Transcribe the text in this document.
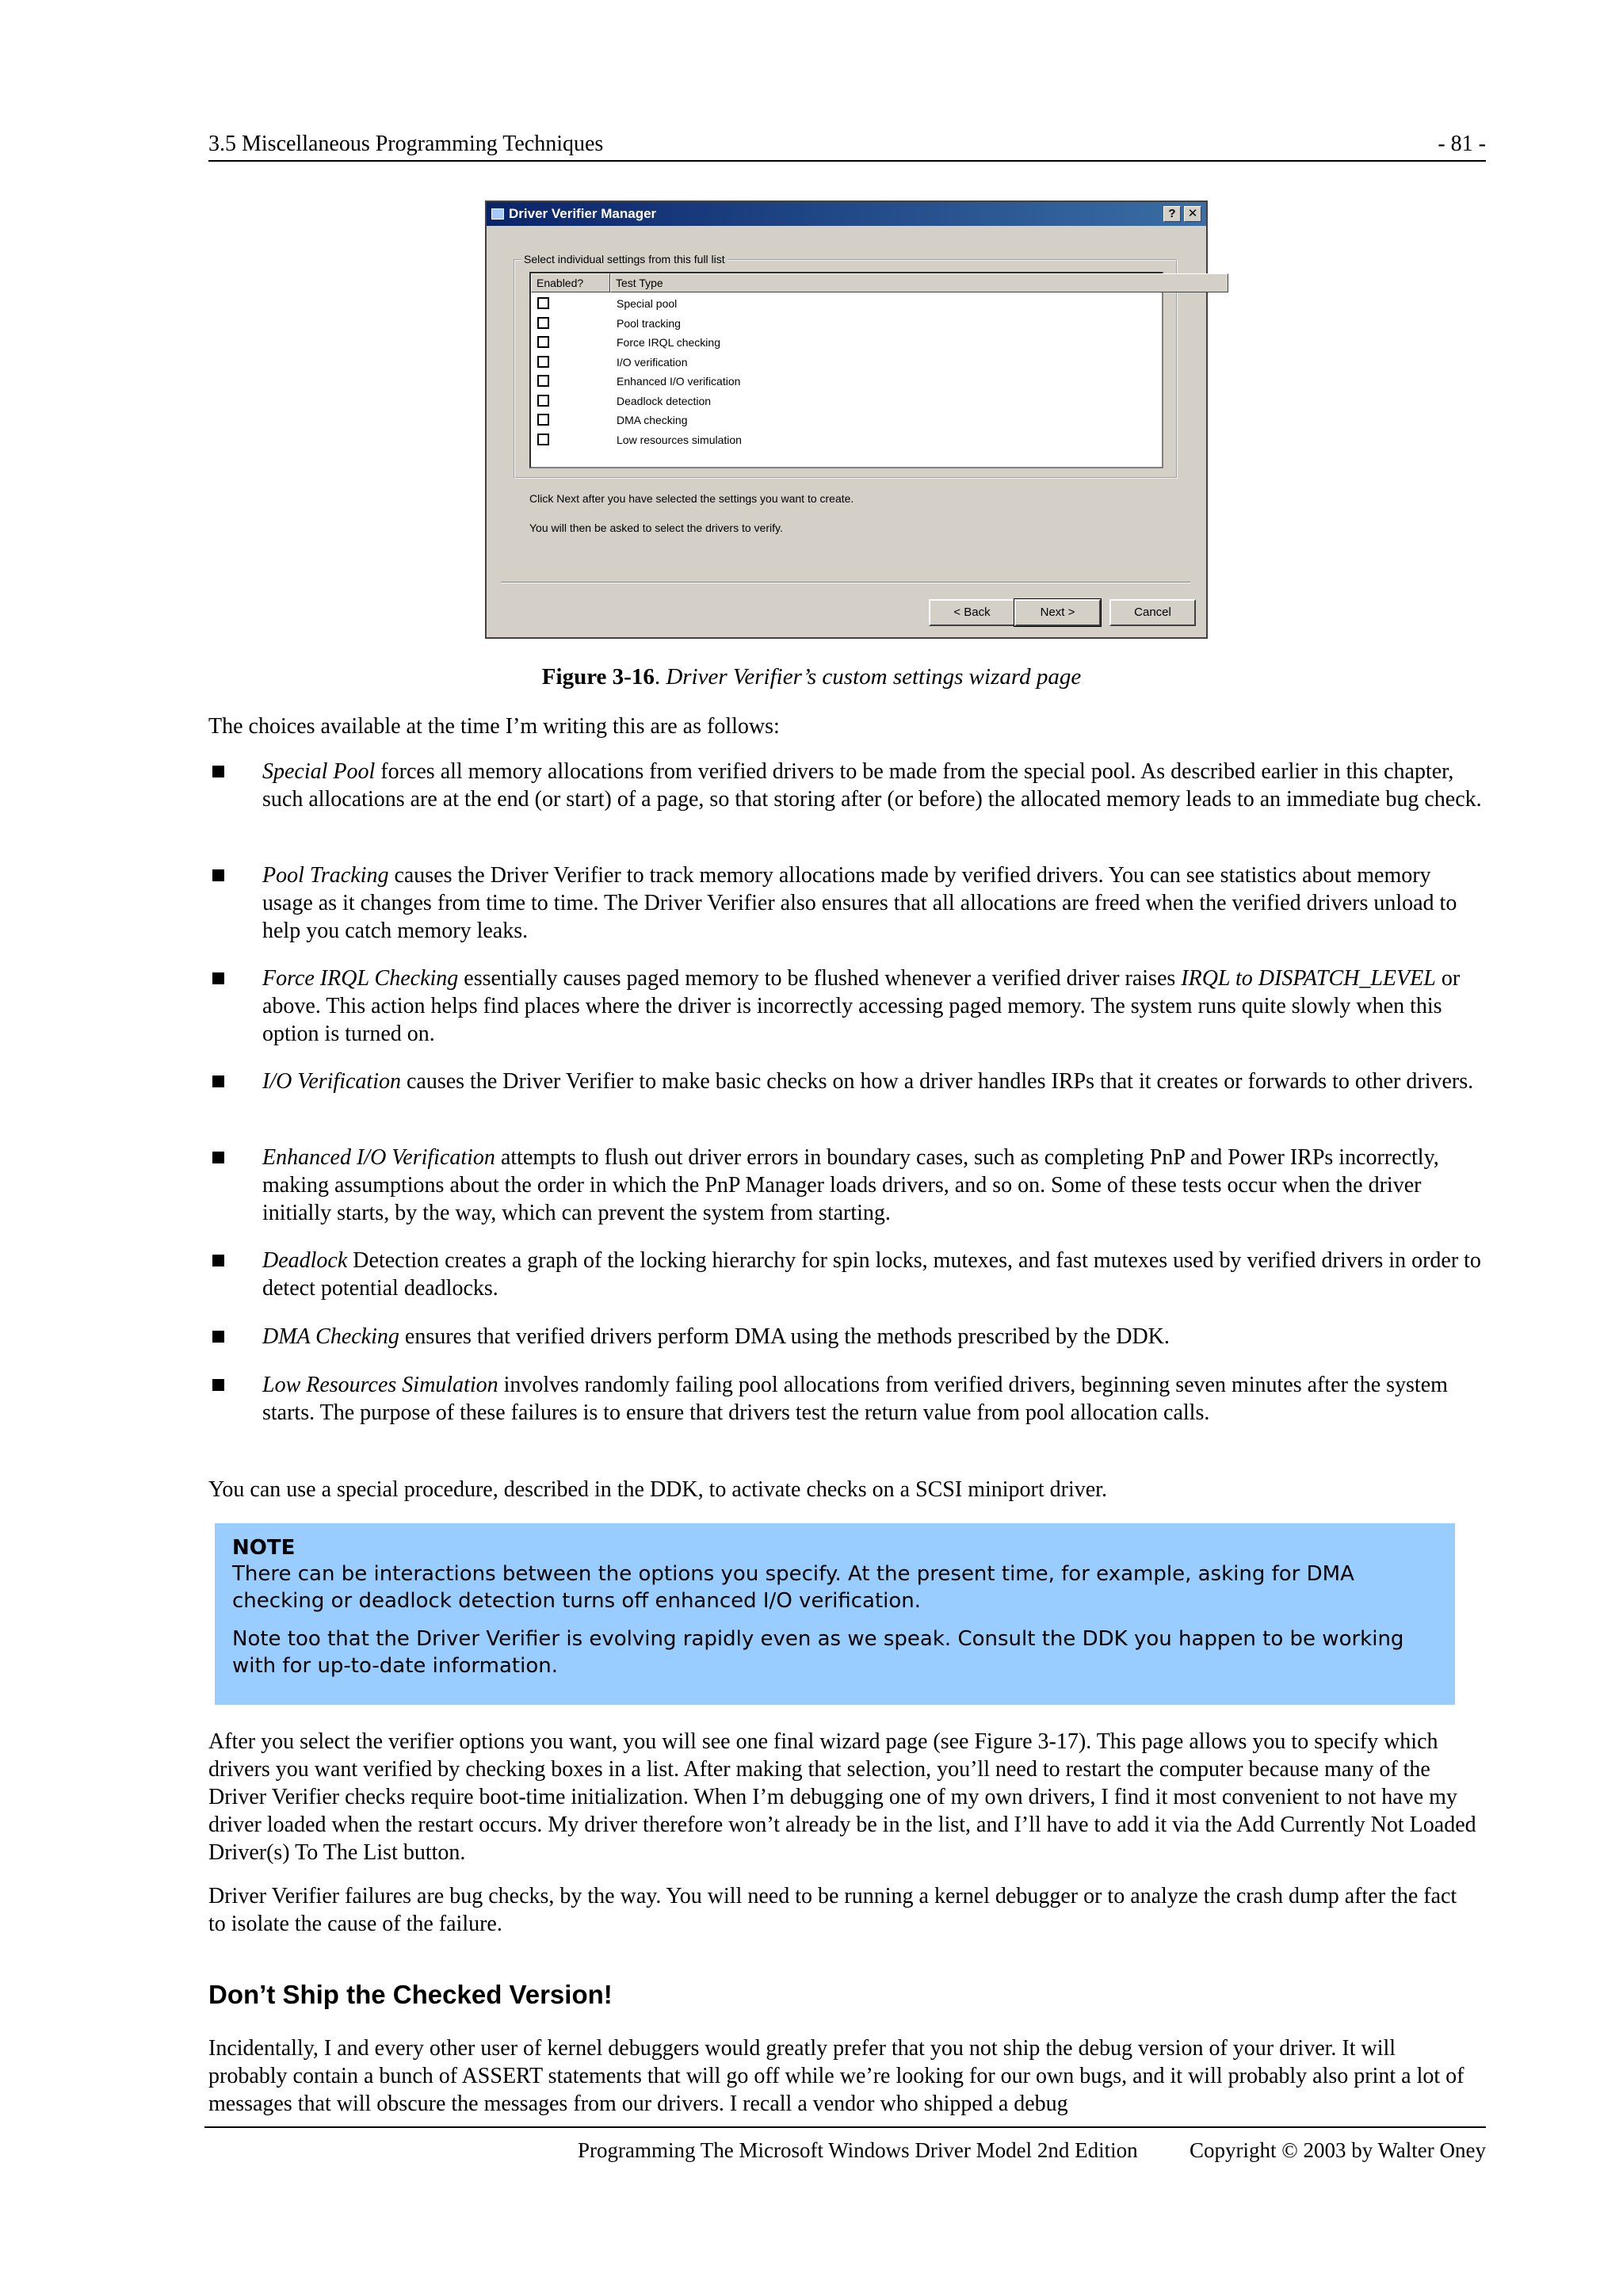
3.5 Miscellaneous Programming Techniques	- 81 -
Driver Verifier Manager	?	✕
Select individual settings from this full list
Enabled?	Test Type
Special pool
Pool tracking
Force IRQL checking
I/O verification
Enhanced I/O verification
Deadlock detection
DMA checking
Low resources simulation
Click Next after you have selected the settings you want to create.
You will then be asked to select the drivers to verify.
< Back	Next >	Cancel
Figure 3-16. Driver Verifier’s custom settings wizard page
The choices available at the time I’m writing this are as follows:
Special Pool forces all memory allocations from verified drivers to be made from the special pool. As described earlier in this chapter, such allocations are at the end (or start) of a page, so that storing after (or before) the allocated memory leads to an immediate bug check.
Pool Tracking causes the Driver Verifier to track memory allocations made by verified drivers. You can see statistics about memory usage as it changes from time to time. The Driver Verifier also ensures that all allocations are freed when the verified drivers unload to help you catch memory leaks.
Force IRQL Checking essentially causes paged memory to be flushed whenever a verified driver raises IRQL to DISPATCH_LEVEL or above. This action helps find places where the driver is incorrectly accessing paged memory. The system runs quite slowly when this option is turned on.
I/O Verification causes the Driver Verifier to make basic checks on how a driver handles IRPs that it creates or forwards to other drivers.
Enhanced I/O Verification attempts to flush out driver errors in boundary cases, such as completing PnP and Power IRPs incorrectly, making assumptions about the order in which the PnP Manager loads drivers, and so on. Some of these tests occur when the driver initially starts, by the way, which can prevent the system from starting.
Deadlock Detection creates a graph of the locking hierarchy for spin locks, mutexes, and fast mutexes used by verified drivers in order to detect potential deadlocks.
DMA Checking ensures that verified drivers perform DMA using the methods prescribed by the DDK.
Low Resources Simulation involves randomly failing pool allocations from verified drivers, beginning seven minutes after the system starts. The purpose of these failures is to ensure that drivers test the return value from pool allocation calls.
You can use a special procedure, described in the DDK, to activate checks on a SCSI miniport driver.
NOTE
There can be interactions between the options you specify. At the present time, for example, asking for DMA checking or deadlock detection turns off enhanced I/O verification.
Note too that the Driver Verifier is evolving rapidly even as we speak. Consult the DDK you happen to be working with for up-to-date information.
After you select the verifier options you want, you will see one final wizard page (see Figure 3-17). This page allows you to specify which drivers you want verified by checking boxes in a list. After making that selection, you’ll need to restart the computer because many of the Driver Verifier checks require boot-time initialization. When I’m debugging one of my own drivers, I find it most convenient to not have my driver loaded when the restart occurs. My driver therefore won’t already be in the list, and I’ll have to add it via the Add Currently Not Loaded Driver(s) To The List button.
Driver Verifier failures are bug checks, by the way. You will need to be running a kernel debugger or to analyze the crash dump after the fact to isolate the cause of the failure.
Don’t Ship the Checked Version!
Incidentally, I and every other user of kernel debuggers would greatly prefer that you not ship the debug version of your driver. It will probably contain a bunch of ASSERT statements that will go off while we’re looking for our own bugs, and it will probably also print a lot of messages that will obscure the messages from our drivers. I recall a vendor who shipped a debug
Programming The Microsoft Windows Driver Model 2nd Edition Copyright © 2003 by Walter Oney
